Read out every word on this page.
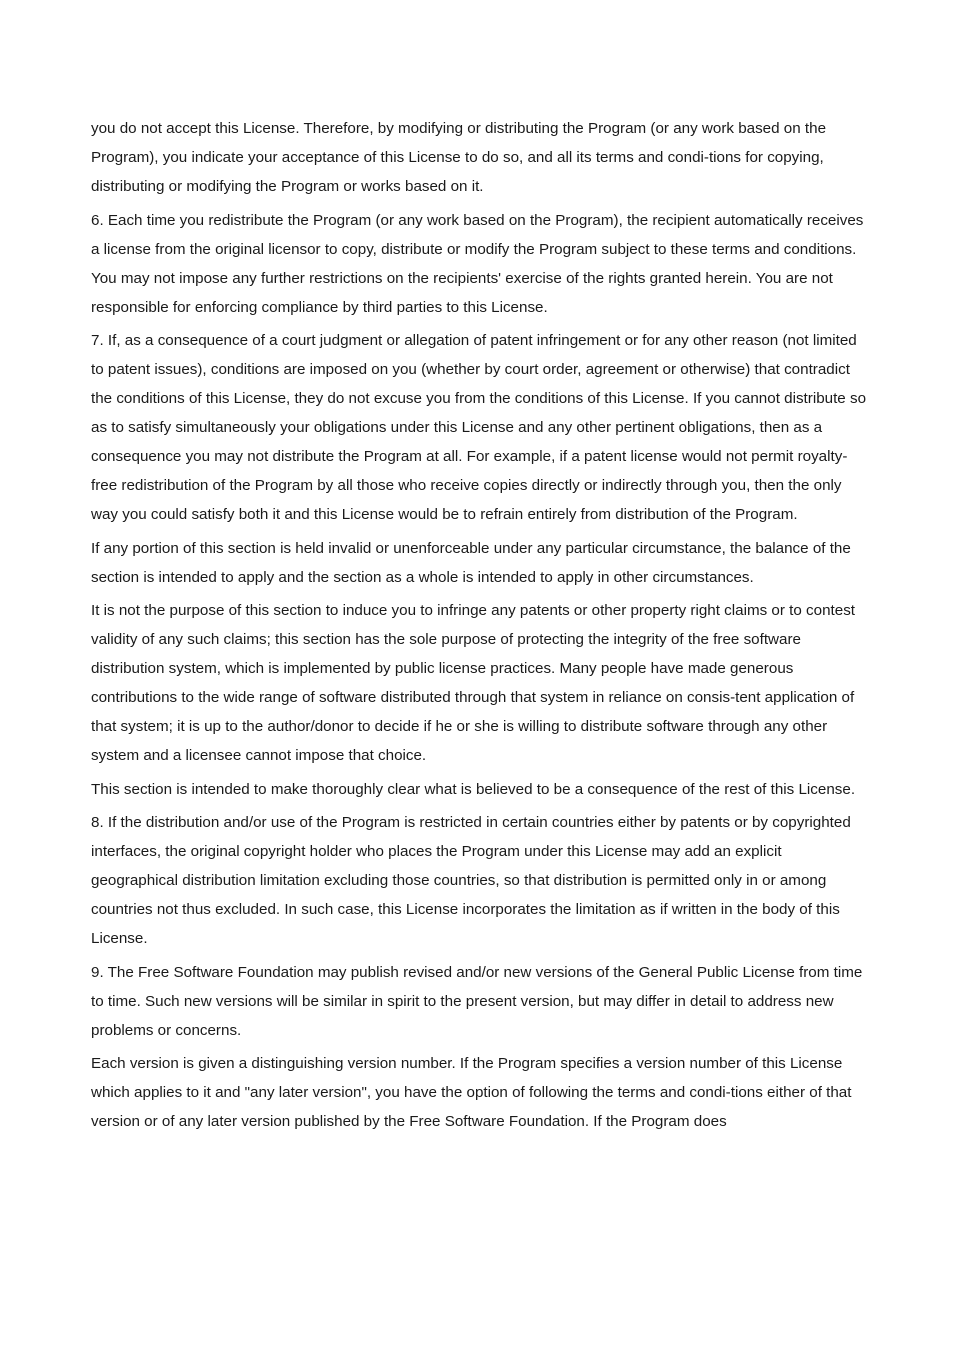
you do not accept this License. Therefore, by modifying or distributing the Program (or any work based on the Program), you indicate your acceptance of this License to do so, and all its terms and condi-tions for copying, distributing or modifying the Program or works based on it.

6. Each time you redistribute the Program (or any work based on the Program), the recipient automatically receives a license from the original licensor to copy, distribute or modify the Program subject to these terms and conditions. You may not impose any further restrictions on the recipients' exercise of the rights granted herein. You are not responsible for enforcing compliance by third parties to this License.

7. If, as a consequence of a court judgment or allegation of patent infringement or for any other reason (not limited to patent issues), conditions are imposed on you (whether by court order, agreement or otherwise) that contradict the conditions of this License, they do not excuse you from the conditions of this License. If you cannot distribute so as to satisfy simultaneously your obligations under this License and any other pertinent obligations, then as a consequence you may not distribute the Program at all. For example, if a patent license would not permit royalty-free redistribution of the Program by all those who receive copies directly or indirectly through you, then the only way you could satisfy both it and this License would be to refrain entirely from distribution of the Program.

If any portion of this section is held invalid or unenforceable under any particular circumstance, the balance of the section is intended to apply and the section as a whole is intended to apply in other circumstances.

It is not the purpose of this section to induce you to infringe any patents or other property right claims or to contest validity of any such claims; this section has the sole purpose of protecting the integrity of the free software distribution system, which is implemented by public license practices. Many people have made generous contributions to the wide range of software distributed through that system in reliance on consis-tent application of that system; it is up to the author/donor to decide if he or she is willing to distribute software through any other system and a licensee cannot impose that choice.

This section is intended to make thoroughly clear what is believed to be a consequence of the rest of this License.

8. If the distribution and/or use of the Program is restricted in certain countries either by patents or by copyrighted interfaces, the original copyright holder who places the Program under this License may add an explicit geographical distribution limitation excluding those countries, so that distribution is permitted only in or among countries not thus excluded. In such case, this License incorporates the limitation as if written in the body of this License.

9. The Free Software Foundation may publish revised and/or new versions of the General Public License from time to time. Such new versions will be similar in spirit to the present version, but may differ in detail to address new problems or concerns.

Each version is given a distinguishing version number. If the Program specifies a version number of this License which applies to it and "any later version", you have the option of following the terms and condi-tions either of that version or of any later version published by the Free Software Foundation. If the Program does
